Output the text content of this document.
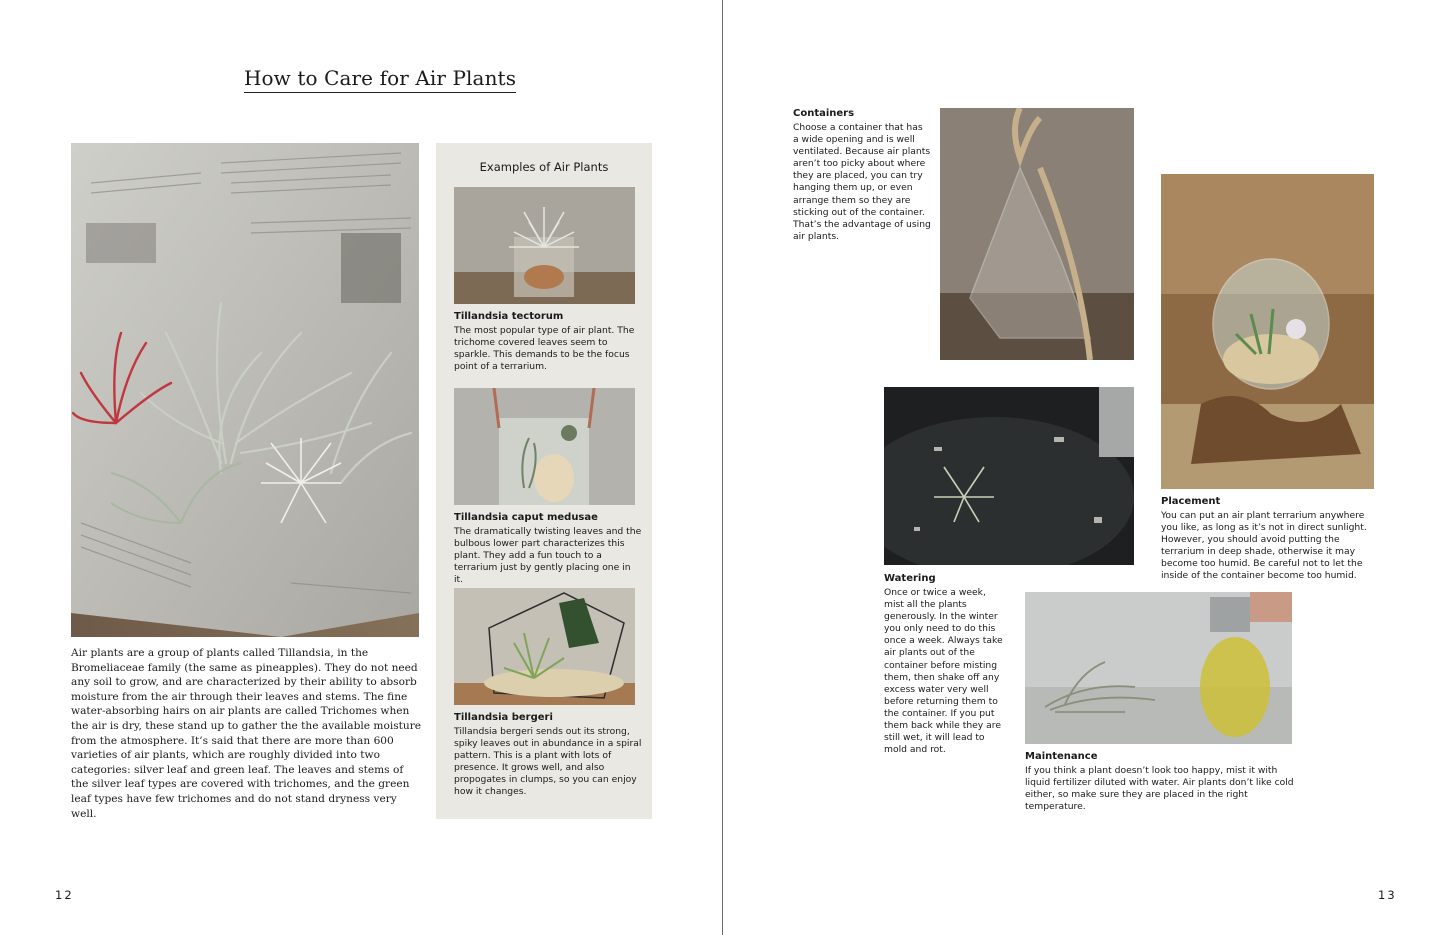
How to Care for Air Plants

Air plants are a group of plants called Tillandsia, in the Bromeliaceae family (the same as pineapples). They do not need any soil to grow, and are characterized by their ability to absorb moisture from the air through their leaves and stems. The fine water-absorbing hairs on air plants are called Trichomes when the air is dry, these stand up to gather the the available moisture from the atmosphere. It’s said that there are more than 600 varieties of air plants, which are roughly divided into two categories: silver leaf and green leaf. The leaves and stems of the silver leaf types are covered with trichomes, and the green leaf types have few trichomes and do not stand dryness very well.

Examples of Air Plants
Tillandsia tectorum

The most popular type of air plant. The trichome covered leaves seem to sparkle. This demands to be the focus point of a terrarium.

Tillandsia caput medusae

The dramatically twisting leaves and the bulbous lower part characterizes this plant. They add a fun touch to a terrarium just by gently placing one in it.

Tillandsia bergeri

Tillandsia bergeri sends out its strong, spiky leaves out in abundance in a spiral pattern. This is a plant with lots of presence. It grows well, and also propogates in clumps, so you can enjoy how it changes.

12
Containers

Choose a container that has a wide opening and is well ventilated. Because air plants aren’t too picky about where they are placed, you can try hanging them up, or even arrange them so they are sticking out of the container. That’s the advantage of using air plants.

Placement

You can put an air plant terrarium anywhere you like, as long as it’s not in direct sunlight. However, you should avoid putting the terrarium in deep shade, otherwise it may become too humid. Be careful not to let the inside of the container become too humid.

Watering

Once or twice a week, mist all the plants generously. In the winter you only need to do this once a week. Always take air plants out of the container before misting them, then shake off any excess water very well before returning them to the container. If you put them back while they are still wet, it will lead to mold and rot.

Maintenance

If you think a plant doesn’t look too happy, mist it with liquid fertilizer diluted with water. Air plants don’t like cold either, so make sure they are placed in the right temperature.

13
